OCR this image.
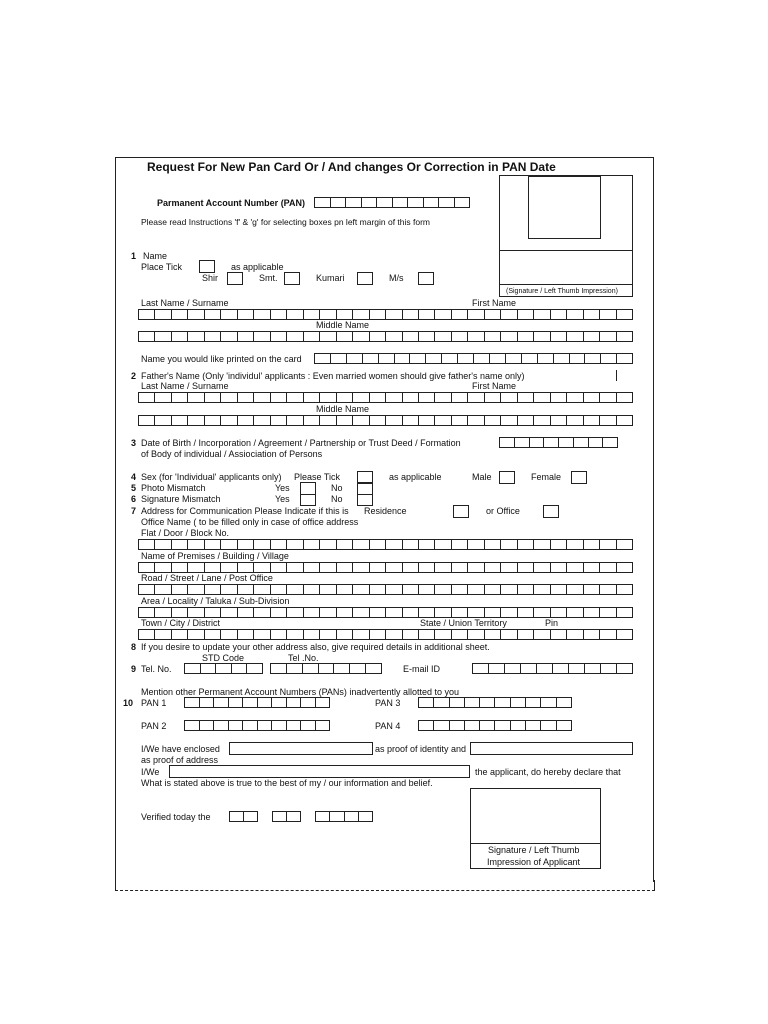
Request For New Pan Card Or / And changes Or Correction in PAN Date
(Signature / Left Thumb Impression)
Parmanent Account Number (PAN)
Please read Instructions 'f' & 'g' for selecting boxes pn left margin of this form
1 Name
Place Tick	as applicable
Shir	Smt.	Kumari	M/s
Last Name / Surname	First Name
Middle Name
Name you would like printed on the card
2 Father's Name (Only 'individul' applicants : Even married women should give father's name only)
Last Name / Surname	First Name
Middle Name
3 Date of Birth / Incorporation / Agreement / Partnership or Trust Deed / Formation
of Body of individual / Assiociation of Persons
4 Sex (for 'Individual' applicants only) Please Tick	as applicable	Male	Female
5 Photo Mismatch	Yes	No
6 Signature Mismatch	Yes	No
7 Address for Communication Please Indicate if this is Residence	or Office
Office Name ( to be filled only in case of office address
Flat / Door / Block No.
Name of Premises / Building / Village
Road / Street / Lane / Post Office
Area / Locality / Taluka / Sub-Division
Town / City / District	State / Union Territory	Pin
8 If you desire to update your other address also, give required details in additional sheet.
STD Code	Tel .No.
9 Tel. No.	E-mail ID
Mention other Permanent Account Numbers (PANs) inadvertently allotted to you
10 PAN 1	PAN 3
PAN 2	PAN 4
I/We have enclosed	as proof of identity and
as proof of address
I/We	the applicant, do hereby declare that
What is stated above is true to the best of my / our information and belief.
Verified today the
Signature / Left Thumb
Impression of Applicant
